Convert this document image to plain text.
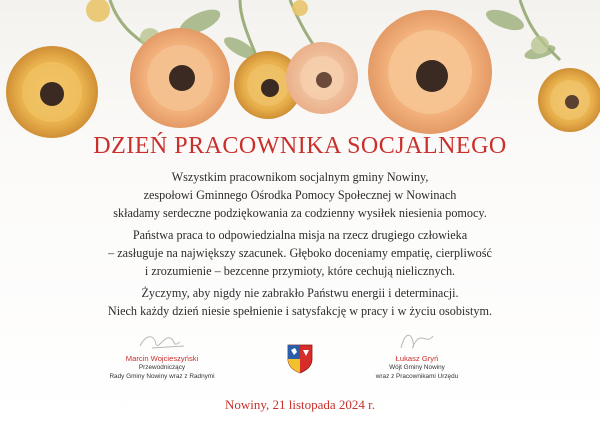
DZIEŃ PRACOWNIKA SOCJALNEGO
Wszystkim pracownikom socjalnym gminy Nowiny,
zespołowi Gminnego Ośrodka Pomocy Społecznej w Nowinach
składamy serdeczne podziękowania za codzienny wysiłek niesienia pomocy.
Państwa praca to odpowiedzialna misja na rzecz drugiego człowieka
– zasługuje na największy szacunek. Głęboko doceniamy empatię, cierpliwość
i zrozumienie – bezcenne przymioty, które cechują nielicznych.
Życzymy, aby nigdy nie zabrakło Państwu energii i determinacji.
Niech każdy dzień niesie spełnienie i satysfakcję w pracy i w życiu osobistym.
Marcin Wojcieszyński
Przewodniczący
Rady Gminy Nowiny wraz z Radnymi
Łukasz Gryń
Wójt Gminy Nowiny
wraz z Pracownikami Urzędu
Nowiny, 21 listopada 2024 r.
